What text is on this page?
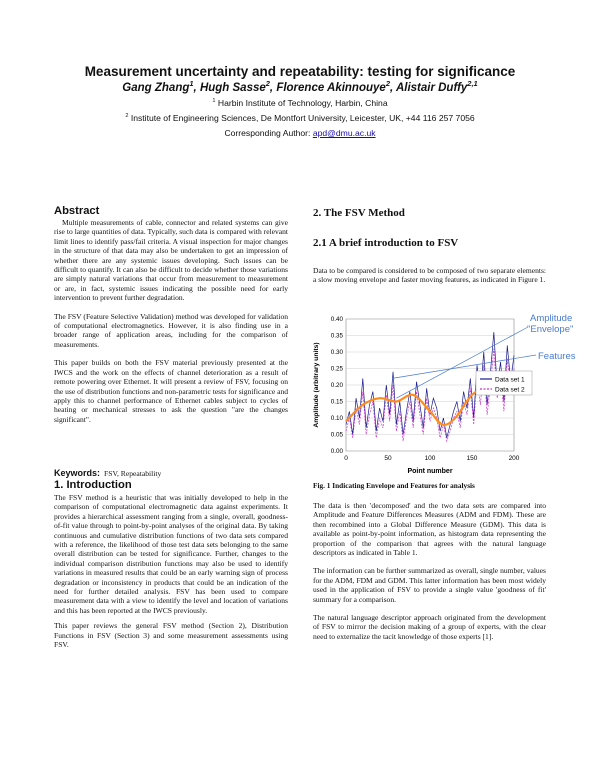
Measurement uncertainty and repeatability: testing for significance
Gang Zhang$^1$, Hugh Sasse$^2$, Florence Akinnouye$^2$, Alistair Duffy$^{2,1}$
$^1$ Harbin Institute of Technology, Harbin, China
$^2$ Institute of Engineering Sciences, De Montfort University, Leicester, UK, +44 116 257 7056
Corresponding Author: apd@dmu.ac.uk
Abstract

Multiple measurements of cable, connector and related systems can give rise to large quantities of data. Typically, such data is compared with relevant limit lines to identify pass/fail criteria. A visual inspection for major changes in the structure of that data may also be undertaken to get an impression of whether there are any systemic issues developing. Such issues can be difficult to quantify. It can also be difficult to decide whether those variations are simply natural variations that occur from measurement to measurement or are, in fact, systemic issues indicating the possible need for early intervention to prevent further degradation.

The FSV (Feature Selective Validation) method was developed for validation of computational electromagnetics. However, it is also finding use in a broader range of application areas, including for the comparison of measurements.

This paper builds on both the FSV material previously presented at the IWCS and the work on the effects of channel deterioration as a result of remote powering over Ethernet. It will present a review of FSV, focusing on the use of distribution functions and non-parametric tests for significance and apply this to channel performance of Ethernet cables subject to cycles of heating or mechanical stresses to ask the question "are the changes significant".

Keywords: FSV, Repeatability
1. Introduction

The FSV method is a heuristic that was initially developed to help in the comparison of computational electromagnetic data against experiments. It provides a hierarchical assessment ranging from a single, overall, goodness-of-fit value through to point-by-point analyses of the original data. By taking continuous and cumulative distribution functions of two data sets compared with a reference, the likelihood of those test data sets belonging to the same overall distribution can be tested for significance. Further, changes to the individual comparison distribution functions may also be used to identify variations in measured results that could be an early warning sign of process degradation or inconsistency in products that could be an indication of the need for further detailed analysis. FSV has been used to compare measurement data with a view to identify the level and location of variations and this has been reported at the IWCS previously.

This paper reviews the general FSV method (Section 2), Distribution Functions in FSV (Section 3) and some measurement assessments using FSV.

2. The FSV Method
2.1 A brief introduction to FSV
Data to be compared is considered to be composed of two separate elements: a slow moving envelope and faster moving features, as indicated in Figure 1.
0.00
0.05
0.10
0.15
0.20
0.25
0.30
0.35
0.40
0	50	100	150	200
Amplitude (arbitrary units)
Point number
Data set 1
Data set 2
Amplitude
"Envelope"
Features
Fig. 1 Indicating Envelope and Features for analysis

The data is then 'decomposed' and the two data sets are compared into Amplitude and Feature Differences Measures (ADM and FDM). These are then recombined into a Global Difference Measure (GDM). This data is available as point-by-point information, as histogram data representing the proportion of the comparison that agrees with the natural language descriptors as indicated in Table 1.

The information can be further summarized as overall, single number, values for the ADM, FDM and GDM. This latter information has been most widely used in the application of FSV to provide a single value 'goodness of fit' summary for a comparison.

The natural language descriptor approach originated from the development of FSV to mirror the decision making of a group of experts, with the clear need to externalize the tacit knowledge of those experts [1].
